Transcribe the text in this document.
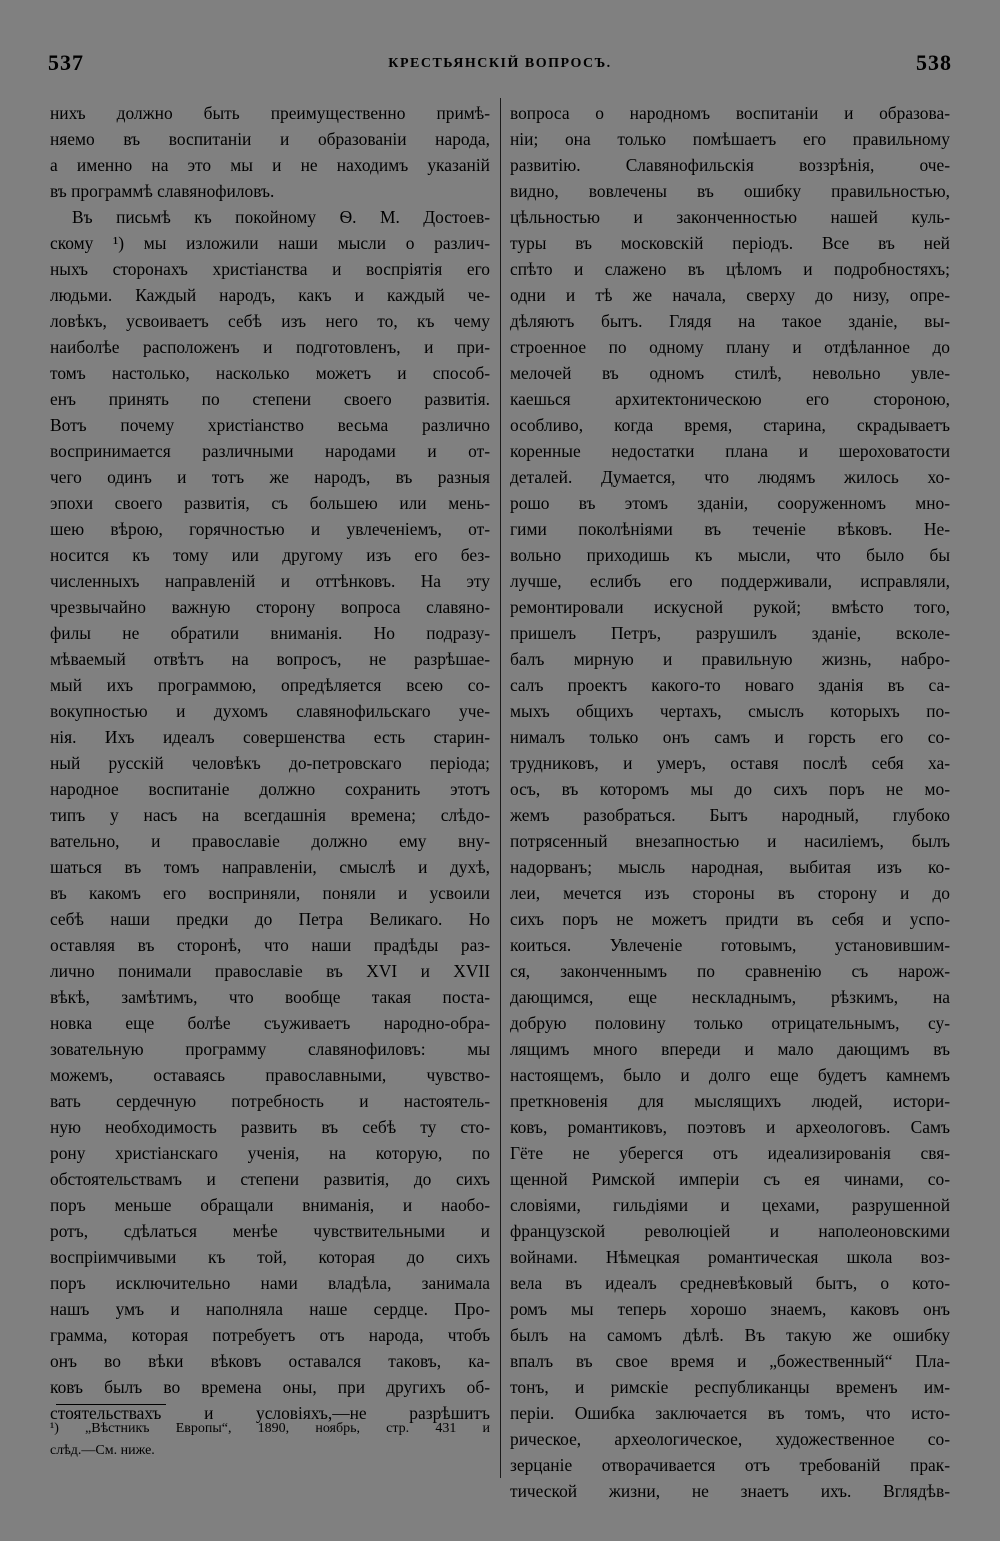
537	КРЕСТЬЯНСКІЙ ВОПРОСЪ.	538
нихъ должно быть преимущественно примѣ-
няемо въ воспитаніи и образованіи народа,
а именно на это мы и не находимъ указаній
въ программѣ славянофиловъ.
Въ письмѣ къ покойному Ѳ. М. Достоев-
скому ¹) мы изложили наши мысли о различ-
ныхъ сторонахъ христіанства и воспріятія его
людьми. Каждый народъ, какъ и каждый че-
ловѣкъ, усвоиваетъ себѣ изъ него то, къ чему
наиболѣе расположенъ и подготовленъ, и при-
томъ настолько, насколько можетъ и способ-
енъ принять по степени своего развитія.
Вотъ почему христіанство весьма различно
воспринимается различными народами и от-
чего одинъ и тотъ же народъ, въ разныя
эпохи своего развитія, съ большею или мень-
шею вѣрою, горячностью и увлеченіемъ, от-
носится къ тому или другому изъ его без-
численныхъ направленій и оттѣнковъ. На эту
чрезвычайно важную сторону вопроса славяно-
филы не обратили вниманія. Но подразу-
мѣваемый отвѣтъ на вопросъ, не разрѣшае-
мый ихъ программою, опредѣляется всею со-
вокупностью и духомъ славянофильскаго уче-
нія. Ихъ идеалъ совершенства есть старин-
ный русскій человѣкъ до-петровскаго періода;
народное воспитаніе должно сохранить этотъ
типъ у насъ на всегдашнія времена; слѣдо-
вательно, и православіе должно ему вну-
шаться въ томъ направленіи, смыслѣ и духѣ,
въ какомъ его восприняли, поняли и усвоили
себѣ наши предки до Петра Великаго. Но
оставляя въ сторонѣ, что наши прадѣды раз-
лично понимали православіе въ XVI и XVII
вѣкѣ, замѣтимъ, что вообще такая поста-
новка еще болѣе съуживаетъ народно-обра-
зовательную программу славянофиловъ: мы
можемъ, оставаясь православными, чувство-
вать сердечную потребность и настоятель-
ную необходимость развить въ себѣ ту сто-
рону христіанскаго ученія, на которую, по
обстоятельствамъ и степени развитія, до сихъ
поръ меньше обращали вниманія, и наобо-
ротъ, сдѣлаться менѣе чувствительными и
воспріимчивыми къ той, которая до сихъ
поръ исключительно нами владѣла, занимала
нашъ умъ и наполняла наше сердце. Про-
грамма, которая потребуетъ отъ народа, чтобъ
онъ во вѣки вѣковъ оставался таковъ, ка-
ковъ былъ во времена оны, при другихъ об-
стоятельствахъ и условіяхъ,—не разрѣшитъ
вопроса о народномъ воспитаніи и образова-
ніи; она только помѣшаетъ его правильному
развитію. Славянофильскія воззрѣнія, оче-
видно, вовлечены въ ошибку правильностью,
цѣльностью и законченностью нашей куль-
туры въ московскій періодъ. Все въ ней
спѣто и слажено въ цѣломъ и подробностяхъ;
одни и тѣ же начала, сверху до низу, опре-
дѣляютъ бытъ. Глядя на такое зданіе, вы-
строенное по одному плану и отдѣланное до
мелочей въ одномъ стилѣ, невольно увле-
каешься архитектоническою его стороною,
особливо, когда время, старина, скрадываетъ
коренные недостатки плана и шероховатости
деталей. Думается, что людямъ жилось хо-
рошо въ этомъ зданіи, сооруженномъ мно-
гими поколѣніями въ теченіе вѣковъ. Не-
вольно приходишь къ мысли, что было бы
лучше, еслибъ его поддерживали, исправляли,
ремонтировали искусной рукой; вмѣсто того,
пришелъ Петръ, разрушилъ зданіе, всколе-
балъ мирную и правильную жизнь, набро-
салъ проектъ какого-то новаго зданія въ са-
мыхъ общихъ чертахъ, смыслъ которыхъ по-
нималъ только онъ самъ и горсть его со-
трудниковъ, и умеръ, оставя послѣ себя ха-
осъ, въ которомъ мы до сихъ поръ не мо-
жемъ разобраться. Бытъ народный, глубоко
потрясенный внезапностью и насиліемъ, былъ
надорванъ; мысль народная, выбитая изъ ко-
леи, мечется изъ стороны въ сторону и до
сихъ поръ не можетъ придти въ себя и успо-
коиться. Увлеченіе готовымъ, установившим-
ся, законченнымъ по сравненію съ нарож-
дающимся, еще нескладнымъ, рѣзкимъ, на
добрую половину только отрицательнымъ, су-
лящимъ много впереди и мало дающимъ въ
настоящемъ, было и долго еще будетъ камнемъ
преткновенія для мыслящихъ людей, истори-
ковъ, романтиковъ, поэтовъ и археологовъ. Самъ
Гёте не уберегся отъ идеализированія свя-
щенной Римской имперіи съ ея чинами, со-
словіями, гильдіями и цехами, разрушенной
французской революціей и наполеоновскими
войнами. Нѣмецкая романтическая школа воз-
вела въ идеалъ средневѣковый бытъ, о кото-
ромъ мы теперь хорошо знаемъ, каковъ онъ
былъ на самомъ дѣлѣ. Въ такую же ошибку
впалъ въ свое время и „божественный“ Пла-
тонъ, и римскіе республиканцы временъ им-
періи. Ошибка заключается въ томъ, что исто-
рическое, археологическое, художественное со-
зерцаніе отворачивается отъ требованій прак-
тической жизни, не знаетъ ихъ. Вглядѣв-
¹) „Вѣстникъ Европы“, 1890, ноябрь, стр. 431 и
слѣд.—См. ниже.
